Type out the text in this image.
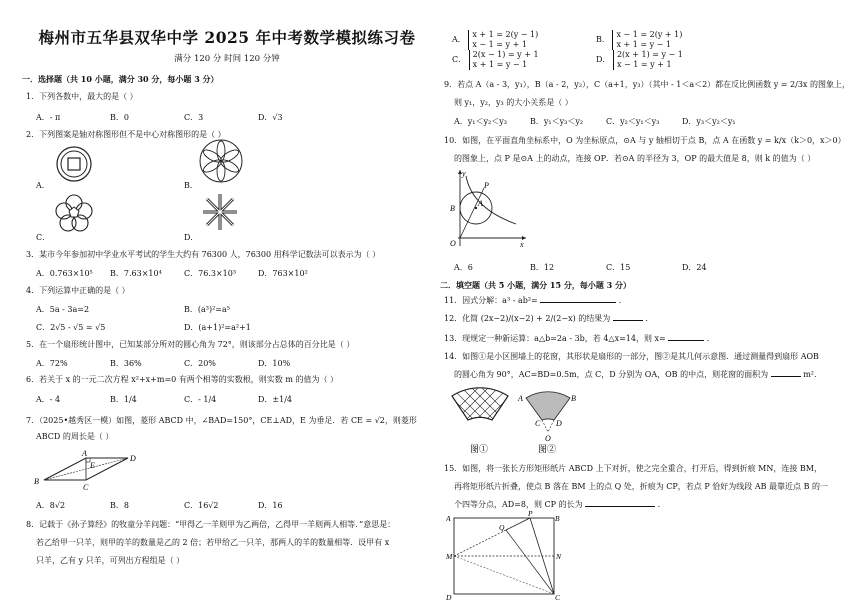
梅州市五华县双华中学 2025 年中考数学模拟练习卷
满分 120 分 时间 120 分钟
一．选择题（共 10 小题，满分 30 分，每小题 3 分）
1．下列各数中，最大的是（ ）
A．- π	B．0	C．3	D．√3
2．下列图案是轴对称图形但不是中心对称图形的是（ ）
A．	B．
C．	D．
3．某市今年参加初中学业水平考试的学生大约有 76300 人，76300 用科学记数法可以表示为（ ）
A．0.763×10⁵ B．7.63×10⁴	C．76.3×10³	D．763×10²
4．下列运算中正确的是（ ）
A．5a - 3a=2	B．(a³)²=a⁵
C．2√5 - √5 = √5	D．(a+1)²=a²+1
5．在一个扇形统计图中，已知某部分所对的圆心角为 72°，则该部分占总体的百分比是（ ）
A．72%	B．36%	C．20%	D．10%
6．若关于 x 的一元二次方程 x²+x+m=0 有两个相等的实数根，则实数 m 的值为（ ）
A．- 4	B．1/4	C．- 1/4	D．±1/4
7．（2025•越秀区一模）如图，菱形 ABCD 中，∠BAD=150°，CE⊥AD，E 为垂足．若 CE = √2，则菱形
ABCD 的周长是（ ）
B
C
A
E
D
A．8√2	B．8	C．16√2	D．16
8．记载于《孙子算经》的牧童分羊问题：“甲得乙一羊则甲为乙两倍，乙得甲一羊则两人相等．”意思是：
若乙给甲一只羊，则甲的羊的数量是乙的 2 倍；若甲给乙一只羊，那两人的羊的数量相等．设甲有 x
只羊，乙有 y 只羊，可列出方程组是（ ）
A． x + 1 = 2(y − 1)
x − 1 = y + 1
B． x − 1 = 2(y + 1)
x + 1 = y − 1
C． 2(x − 1) = y + 1
x + 1 = y − 1
D． 2(x + 1) = y − 1
x − 1 = y + 1
9．若点 A（a - 3，y₁），B（a - 2，y₂），C（a+1，y₃）（其中 - 1＜a＜2）都在反比例函数 y = 2/3x 的图象上，
则 y₁，y₂，y₃ 的大小关系是（ ）
A．y₁＜y₂＜y₃	B．y₁＜y₃＜y₂	C．y₂＜y₁＜y₃	D．y₃＜y₂＜y₁
10．如图，在平面直角坐标系中，O 为坐标原点，⊙A 与 y 轴相切于点 B，点 A 在函数 y = k/x（k＞0，x＞0）
的图象上，点 P 是⊙A 上的动点，连接 OP．若⊙A 的半径为 3，OP 的最大值是 8，则 k 的值为（ ）
y
x
O
B
A
P
A．6	B．12	C．15	D．24
二．填空题（共 5 小题，满分 15 分，每小题 3 分）
11．因式分解：a³ - ab²=	．
12．化简 (2x−2)/(x−2) + 2/(2−x) 的结果为	．
13．现规定一种新运算：a△b=2a - 3b，若 4△x=14，则 x=	．
14．如图①是小区围墙上的花窗，其形状是扇形的一部分，图②是其几何示意图．通过测量得到扇形 AOB
的圆心角为 90°，AC=BD=0.5m，点 C，D 分别为 OA，OB 的中点，则花窗的面积为	m².
A	B
C D
O
图①	图②
15．如图，将一张长方形矩形纸片 ABCD 上下对折，使之完全重合，打开后，得到折痕 MN，连接 BM，
再将矩形纸片折叠，使点 B 落在 BM 上的点 Q 处，折痕为 CP，若点 P 恰好为线段 AB 最靠近点 B 的一
个四等分点，AD=8，则 CP 的长为	．
A
P
B
Q
M	N
D	C
